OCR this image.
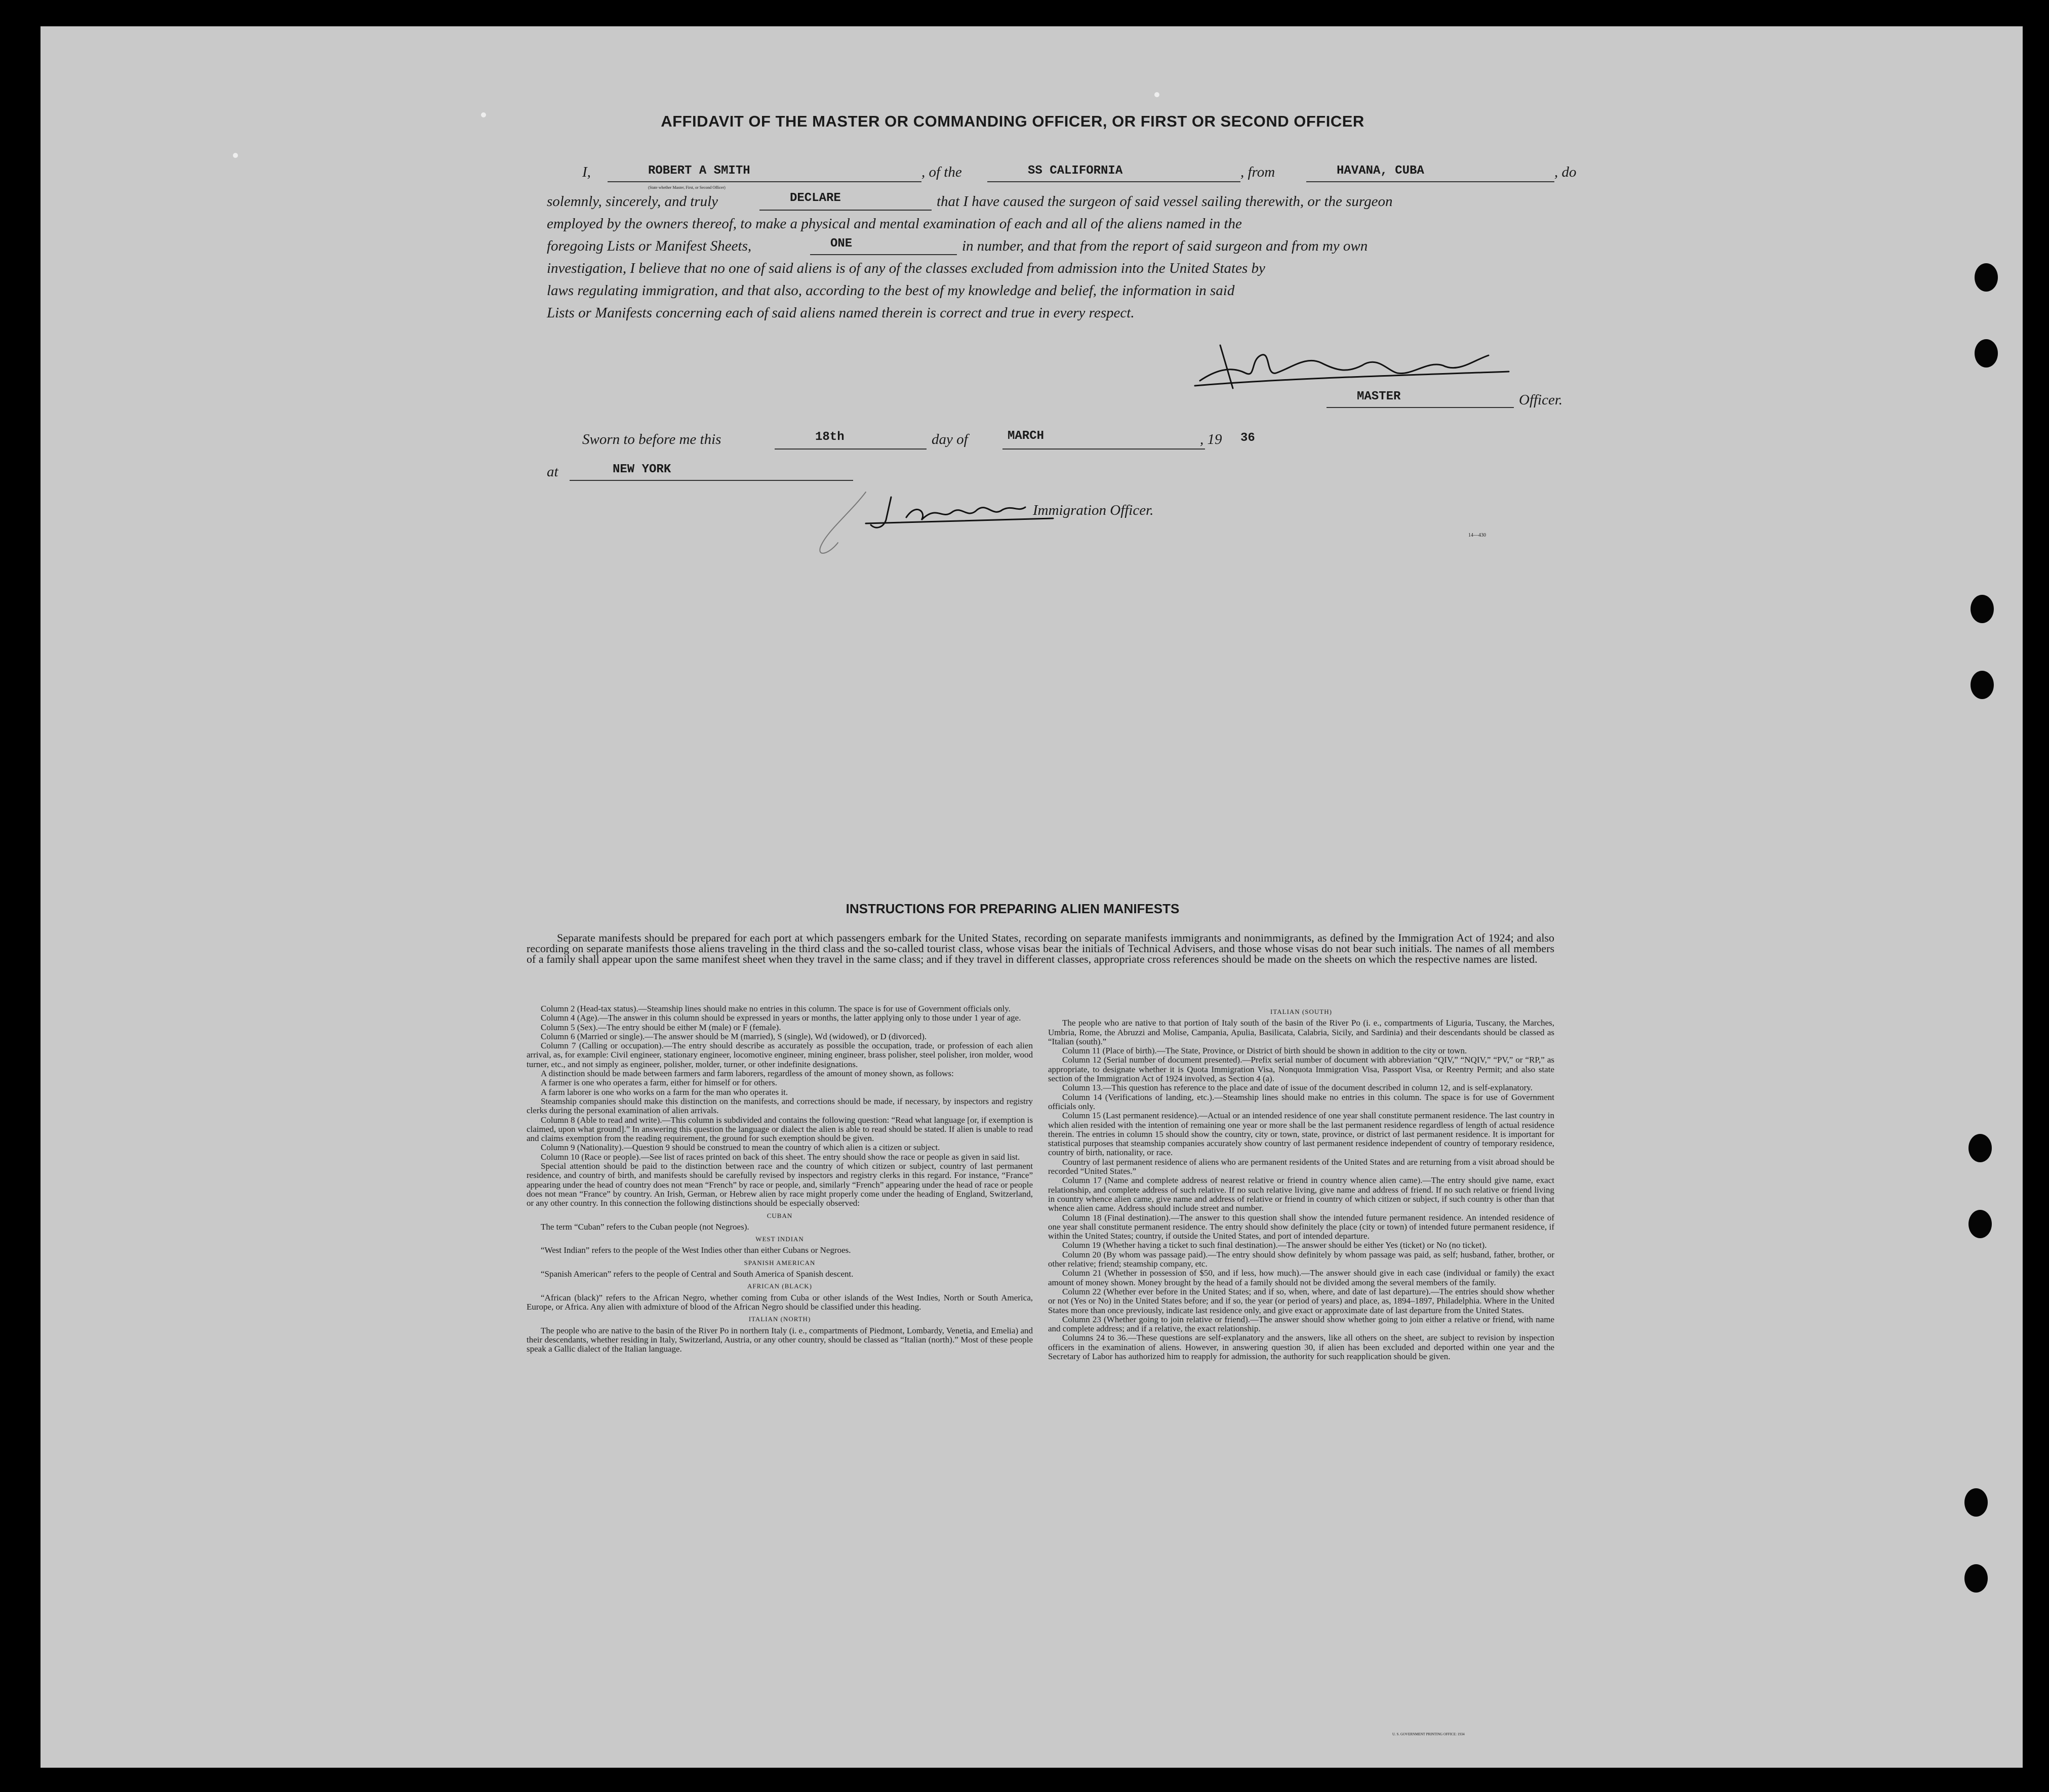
AFFIDAVIT OF THE MASTER OR COMMANDING OFFICER, OR FIRST OR SECOND OFFICER
I,	ROBERT A SMITH
(State whether Master, First, or Second Officer)
, of the	SS CALIFORNIA	, from	HAVANA, CUBA	, do
solemnly, sincerely, and truly	DECLARE	that I have caused the surgeon of said vessel sailing therewith, or the surgeon
employed by the owners thereof, to make a physical and mental examination of each and all of the aliens named in the
foregoing Lists or Manifest Sheets,	ONE	in number, and that from the report of said surgeon and from my own
investigation, I believe that no one of said aliens is of any of the classes excluded from admission into the United States by
laws regulating immigration, and that also, according to the best of my knowledge and belief, the information in said
Lists or Manifests concerning each of said aliens named therein is correct and true in every respect.
MASTER	Officer.
Sworn to before me this	18th	day of	MARCH	, 19 36
at	NEW YORK
Immigration Officer.
14—430
INSTRUCTIONS FOR PREPARING ALIEN MANIFESTS
Separate manifests should be prepared for each port at which passengers embark for the United States, recording on separate manifests immigrants and nonimmigrants, as defined by the Immigration Act of 1924; and also recording on separate manifests those aliens traveling in the third class and the so-called tourist class, whose visas bear the initials of Technical Advisers, and those whose visas do not bear such initials. The names of all members of a family shall appear upon the same manifest sheet when they travel in the same class; and if they travel in different classes, appropriate cross references should be made on the sheets on which the respective names are listed.

Column 2 (Head-tax status).—Steamship lines should make no entries in this column. The space is for use of Government officials only.

Column 4 (Age).—The answer in this column should be expressed in years or months, the latter applying only to those under 1 year of age.

Column 5 (Sex).—The entry should be either M (male) or F (female).

Column 6 (Married or single).—The answer should be M (married), S (single), Wd (widowed), or D (divorced).

Column 7 (Calling or occupation).—The entry should describe as accurately as possible the occupation, trade, or profession of each alien arrival, as, for example: Civil engineer, stationary engineer, locomotive engineer, mining engineer, brass polisher, steel polisher, iron molder, wood turner, etc., and not simply as engineer, polisher, molder, turner, or other indefinite designations.

A distinction should be made between farmers and farm laborers, regardless of the amount of money shown, as follows:

A farmer is one who operates a farm, either for himself or for others.

A farm laborer is one who works on a farm for the man who operates it.

Steamship companies should make this distinction on the manifests, and corrections should be made, if necessary, by inspectors and registry clerks during the personal examination of alien arrivals.

Column 8 (Able to read and write).—This column is subdivided and contains the following question: “Read what language [or, if exemption is claimed, upon what ground].” In answering this question the language or dialect the alien is able to read should be stated. If alien is unable to read and claims exemption from the reading requirement, the ground for such exemption should be given.

Column 9 (Nationality).—Question 9 should be construed to mean the country of which alien is a citizen or subject.

Column 10 (Race or people).—See list of races printed on back of this sheet. The entry should show the race or people as given in said list.

Special attention should be paid to the distinction between race and the country of which citizen or subject, country of last permanent residence, and country of birth, and manifests should be carefully revised by inspectors and registry clerks in this regard. For instance, “France” appearing under the head of country does not mean “French” by race or people, and, similarly “French” appearing under the head of race or people does not mean “France” by country. An Irish, German, or Hebrew alien by race might properly come under the heading of England, Switzerland, or any other country. In this connection the following distinctions should be especially observed:

CUBAN

The term “Cuban” refers to the Cuban people (not Negroes).

WEST INDIAN

“West Indian” refers to the people of the West Indies other than either Cubans or Negroes.

SPANISH AMERICAN

“Spanish American” refers to the people of Central and South America of Spanish descent.

AFRICAN (BLACK)

“African (black)” refers to the African Negro, whether coming from Cuba or other islands of the West Indies, North or South America, Europe, or Africa. Any alien with admixture of blood of the African Negro should be classified under this heading.

ITALIAN (NORTH)

The people who are native to the basin of the River Po in northern Italy (i. e., compartments of Piedmont, Lombardy, Venetia, and Emelia) and their descendants, whether residing in Italy, Switzerland, Austria, or any other country, should be classed as “Italian (north).” Most of these people speak a Gallic dialect of the Italian language.

ITALIAN (SOUTH)

The people who are native to that portion of Italy south of the basin of the River Po (i. e., compartments of Liguria, Tuscany, the Marches, Umbria, Rome, the Abruzzi and Molise, Campania, Apulia, Basilicata, Calabria, Sicily, and Sardinia) and their descendants should be classed as “Italian (south).”

Column 11 (Place of birth).—The State, Province, or District of birth should be shown in addition to the city or town.

Column 12 (Serial number of document presented).—Prefix serial number of document with abbreviation “QIV,” “NQIV,” “PV,” or “RP,” as appropriate, to designate whether it is Quota Immigration Visa, Nonquota Immigration Visa, Passport Visa, or Reentry Permit; and also state section of the Immigration Act of 1924 involved, as Section 4 (a).

Column 13.—This question has reference to the place and date of issue of the document described in column 12, and is self-explanatory.

Column 14 (Verifications of landing, etc.).—Steamship lines should make no entries in this column. The space is for use of Government officials only.

Column 15 (Last permanent residence).—Actual or an intended residence of one year shall constitute permanent residence. The last country in which alien resided with the intention of remaining one year or more shall be the last permanent residence regardless of length of actual residence therein. The entries in column 15 should show the country, city or town, state, province, or district of last permanent residence. It is important for statistical purposes that steamship companies accurately show country of last permanent residence independent of country of temporary residence, country of birth, nationality, or race.

Country of last permanent residence of aliens who are permanent residents of the United States and are returning from a visit abroad should be recorded “United States.”

Column 17 (Name and complete address of nearest relative or friend in country whence alien came).—The entry should give name, exact relationship, and complete address of such relative. If no such relative living, give name and address of friend. If no such relative or friend living in country whence alien came, give name and address of relative or friend in country of which citizen or subject, if such country is other than that whence alien came. Address should include street and number.

Column 18 (Final destination).—The answer to this question shall show the intended future permanent residence. An intended residence of one year shall constitute permanent residence. The entry should show definitely the place (city or town) of intended future permanent residence, if within the United States; country, if outside the United States, and port of intended departure.

Column 19 (Whether having a ticket to such final destination).—The answer should be either Yes (ticket) or No (no ticket).

Column 20 (By whom was passage paid).—The entry should show definitely by whom passage was paid, as self; husband, father, brother, or other relative; friend; steamship company, etc.

Column 21 (Whether in possession of $50, and if less, how much).—The answer should give in each case (individual or family) the exact amount of money shown. Money brought by the head of a family should not be divided among the several members of the family.

Column 22 (Whether ever before in the United States; and if so, when, where, and date of last departure).—The entries should show whether or not (Yes or No) in the United States before; and if so, the year (or period of years) and place, as, 1894–1897, Philadelphia. Where in the United States more than once previously, indicate last residence only, and give exact or approximate date of last departure from the United States.

Column 23 (Whether going to join relative or friend).—The answer should show whether going to join either a relative or friend, with name and complete address; and if a relative, the exact relationship.

Columns 24 to 36.—These questions are self-explanatory and the answers, like all others on the sheet, are subject to revision by inspection officers in the examination of aliens. However, in answering question 30, if alien has been excluded and deported within one year and the Secretary of Labor has authorized him to reapply for admission, the authority for such reapplication should be given.

U. S. GOVERNMENT PRINTING OFFICE: 1934
